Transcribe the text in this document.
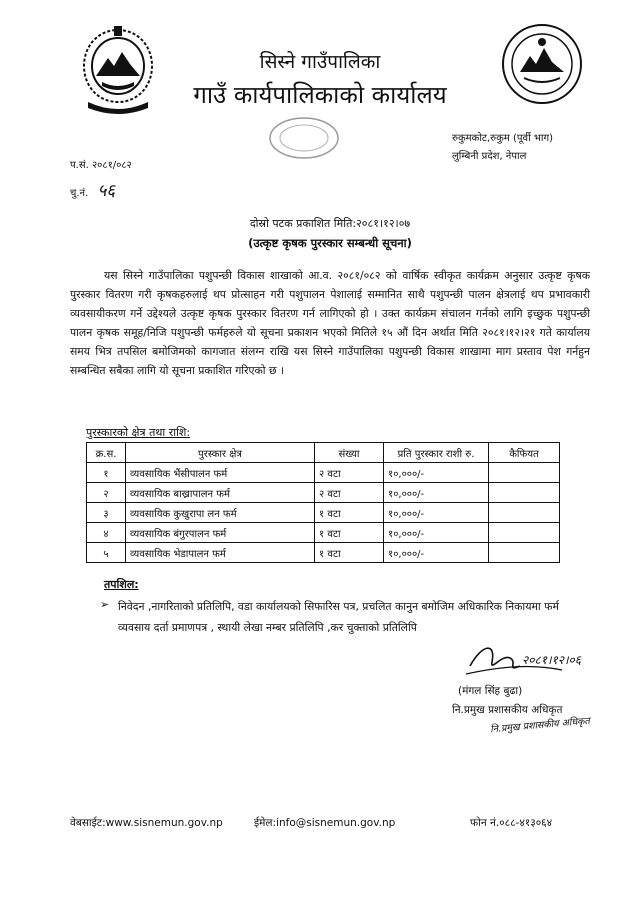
सिस्ने गाउँपालिका
गाउँ कार्यपालिकाको कार्यालय
रुकुमकोट,रुकुम (पूर्वी भाग)
लुम्बिनी प्रदेश, नेपाल
प.सं. २०८१/०८२
चु.नं. ५६
दोस्रो पटक प्रकाशित मिति:२०८१।१२।०७
(उत्कृष्ट कृषक पुरस्कार सम्बन्धी सूचना)

यस सिस्ने गाउँपालिका पशुपन्छी विकास शाखाको आ.व. २०८१/०८२ को वार्षिक स्वीकृत कार्यक्रम अनुसार उत्कृष्ट कृषक पुरस्कार वितरण गरी कृषकहरुलाई थप प्रोत्साहन गरी पशुपालन पेशालाई सम्मानित साथै पशुपन्छी पालन क्षेत्रलाई थप प्रभावकारी व्यवसायीकरण गर्ने उद्देश्यले उत्कृष्ट कृषक पुरस्कार वितरण गर्न लागिएको हो । उक्त कार्यक्रम संचालन गर्नको लागि इच्छुक पशुपन्छी पालन कृषक समूह/निजि पशुपन्छी फर्महरुले यो सूचना प्रकाशन भएको मितिले १५ औं दिन अर्थात मिति २०८१।१२।२१ गते कार्यालय समय भित्र तपसिल बमोजिमको कागजात संलग्न राखि यस सिस्ने गाउँपालिका पशुपन्छी विकास शाखामा माग प्रस्ताव पेश गर्नहुन सम्बन्धित सबैका लागि यो सूचना प्रकाशित गरिएको छ ।

पुरस्कारको क्षेत्र तथा राशि:
क्र.स.	पुरस्कार क्षेत्र	संख्या	प्रति पुरस्कार राशी रु.	कैफियत
१	व्यवसायिक भैंसीपालन फर्म	२ वटा	१०,०००/-	
२	व्यवसायिक बाख्रापालन फर्म	२ वटा	१०,०००/-	
३	व्यवसायिक कुखुरापा लन फर्म	१ वटा	१०,०००/-	
४	व्यवसायिक बंगुरपालन फर्म	१ वटा	१०,०००/-	
५	व्यवसायिक भेडापालन फर्म	१ वटा	१०,०००/-	
तपशिल:
➢ निवेदन ,नागरिताको प्रतिलिपि, वडा कार्यालयको सिफारिस पत्र, प्रचलित कानुन बमोजिम अधिकारिक निकायमा फर्म व्यवसाय दर्ता प्रमाणपत्र , स्थायी लेखा नम्बर प्रतिलिपि ,कर चुक्ताको प्रतिलिपि

२०८१।१२।०६
(मंगल सिंह बुढा)
नि.प्रमुख प्रशासकीय अधिकृत
नि.प्रमुख प्रशासकीय अधिकृत
वेबसाईट:www.sisnemun.gov.np	ईमेल:info@sisnemun.gov.np	फोन नं.०८८-४१३०६४
